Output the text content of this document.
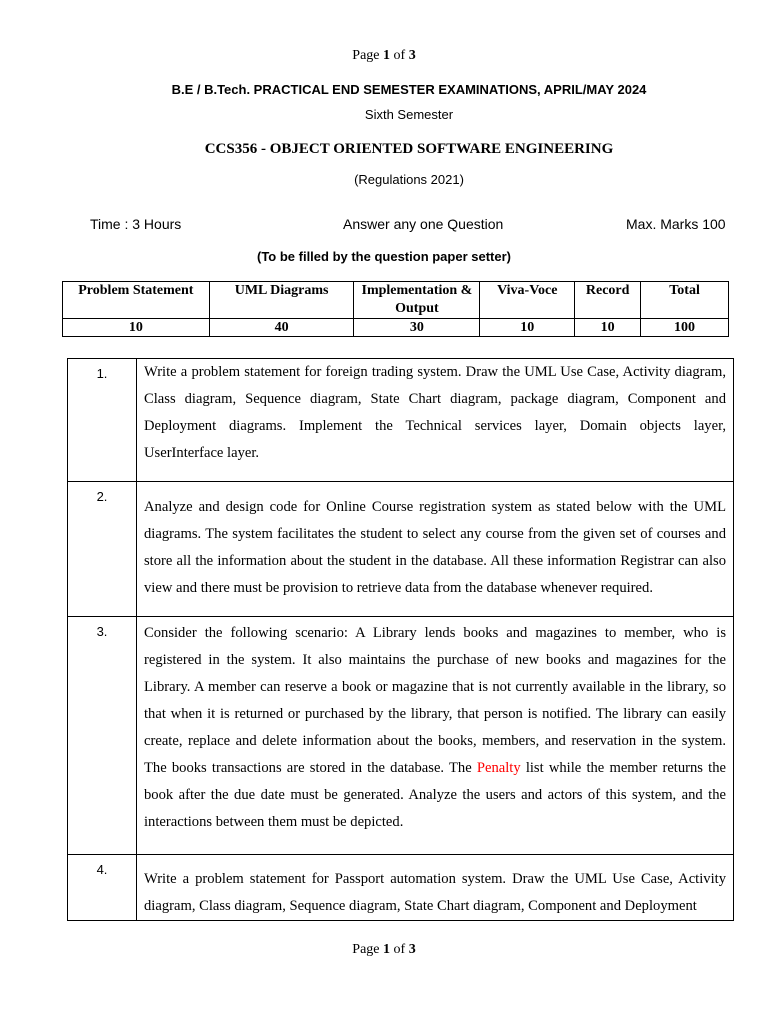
Page 1 of 3
B.E / B.Tech. PRACTICAL END SEMESTER EXAMINATIONS, APRIL/MAY 2024
Sixth Semester
CCS356 - OBJECT ORIENTED SOFTWARE ENGINEERING
(Regulations 2021)
Time : 3 Hours	Answer any one Question	Max. Marks 100
(To be filled by the question paper setter)
Problem Statement	UML Diagrams	Implementation & Output	Viva-Voce	Record	Total
10	40	30	10	10	100
1.	Write a problem statement for foreign trading system. Draw the UML Use Case, Activity diagram, Class diagram, Sequence diagram, State Chart diagram, package diagram, Component and Deployment diagrams. Implement the Technical services layer, Domain objects layer, UserInterface layer.
2.	Analyze and design code for Online Course registration system as stated below with the UML diagrams. The system facilitates the student to select any course from the given set of courses and store all the information about the student in the database. All these information Registrar can also view and there must be provision to retrieve data from the database whenever required.
3.	Consider the following scenario: A Library lends books and magazines to member, who is registered in the system. It also maintains the purchase of new books and magazines for the Library. A member can reserve a book or magazine that is not currently available in the library, so that when it is returned or purchased by the library, that person is notified. The library can easily create, replace and delete information about the books, members, and reservation in the system. The books transactions are stored in the database. The Penalty list while the member returns the book after the due date must be generated. Analyze the users and actors of this system, and the interactions between them must be depicted.
4.	Write a problem statement for Passport automation system. Draw the UML Use Case, Activity diagram, Class diagram, Sequence diagram, State Chart diagram, Component and Deployment
Page 1 of 3
